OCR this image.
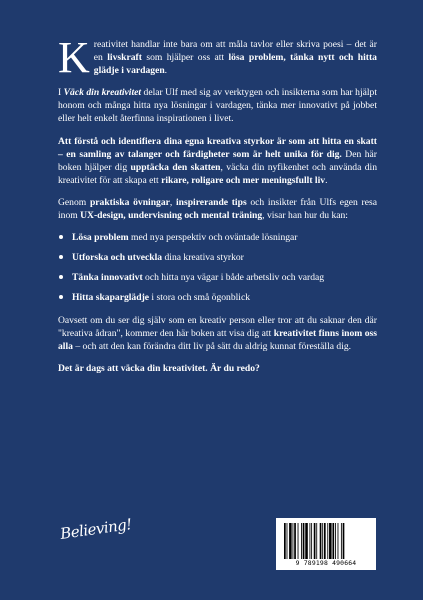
Kreativitet handlar inte bara om att måla tavlor eller skriva poesi – det är en livskraft som hjälper oss att lösa problem, tänka nytt och hitta glädje i vardagen.

I Väck din kreativitet delar Ulf med sig av verktygen och insikterna som har hjälpt honom och många hitta nya lösningar i vardagen, tänka mer innovativt på jobbet eller helt enkelt återfinna inspirationen i livet.

Att förstå och identifiera dina egna kreativa styrkor är som att hitta en skatt – en samling av talanger och färdigheter som är helt unika för dig. Den här boken hjälper dig upptäcka den skatten, väcka din nyfikenhet och använda din kreativitet för att skapa ett rikare, roligare och mer meningsfullt liv.

Genom praktiska övningar, inspirerande tips och insikter från Ulfs egen resa inom UX-design, undervisning och mental träning, visar han hur du kan:

Lösa problem med nya perspektiv och oväntade lösningar
Utforska och utveckla dina kreativa styrkor
Tänka innovativt och hitta nya vägar i både arbetsliv och vardag
Hitta skaparglädje i stora och små ögonblick

Oavsett om du ser dig själv som en kreativ person eller tror att du saknar den där "kreativa ådran", kommer den här boken att visa dig att kreativitet finns inom oss alla – och att den kan förändra ditt liv på sätt du aldrig kunnat föreställa dig.

Det är dags att väcka din kreativitet. Är du redo?

Believing!
9 789198 490664
